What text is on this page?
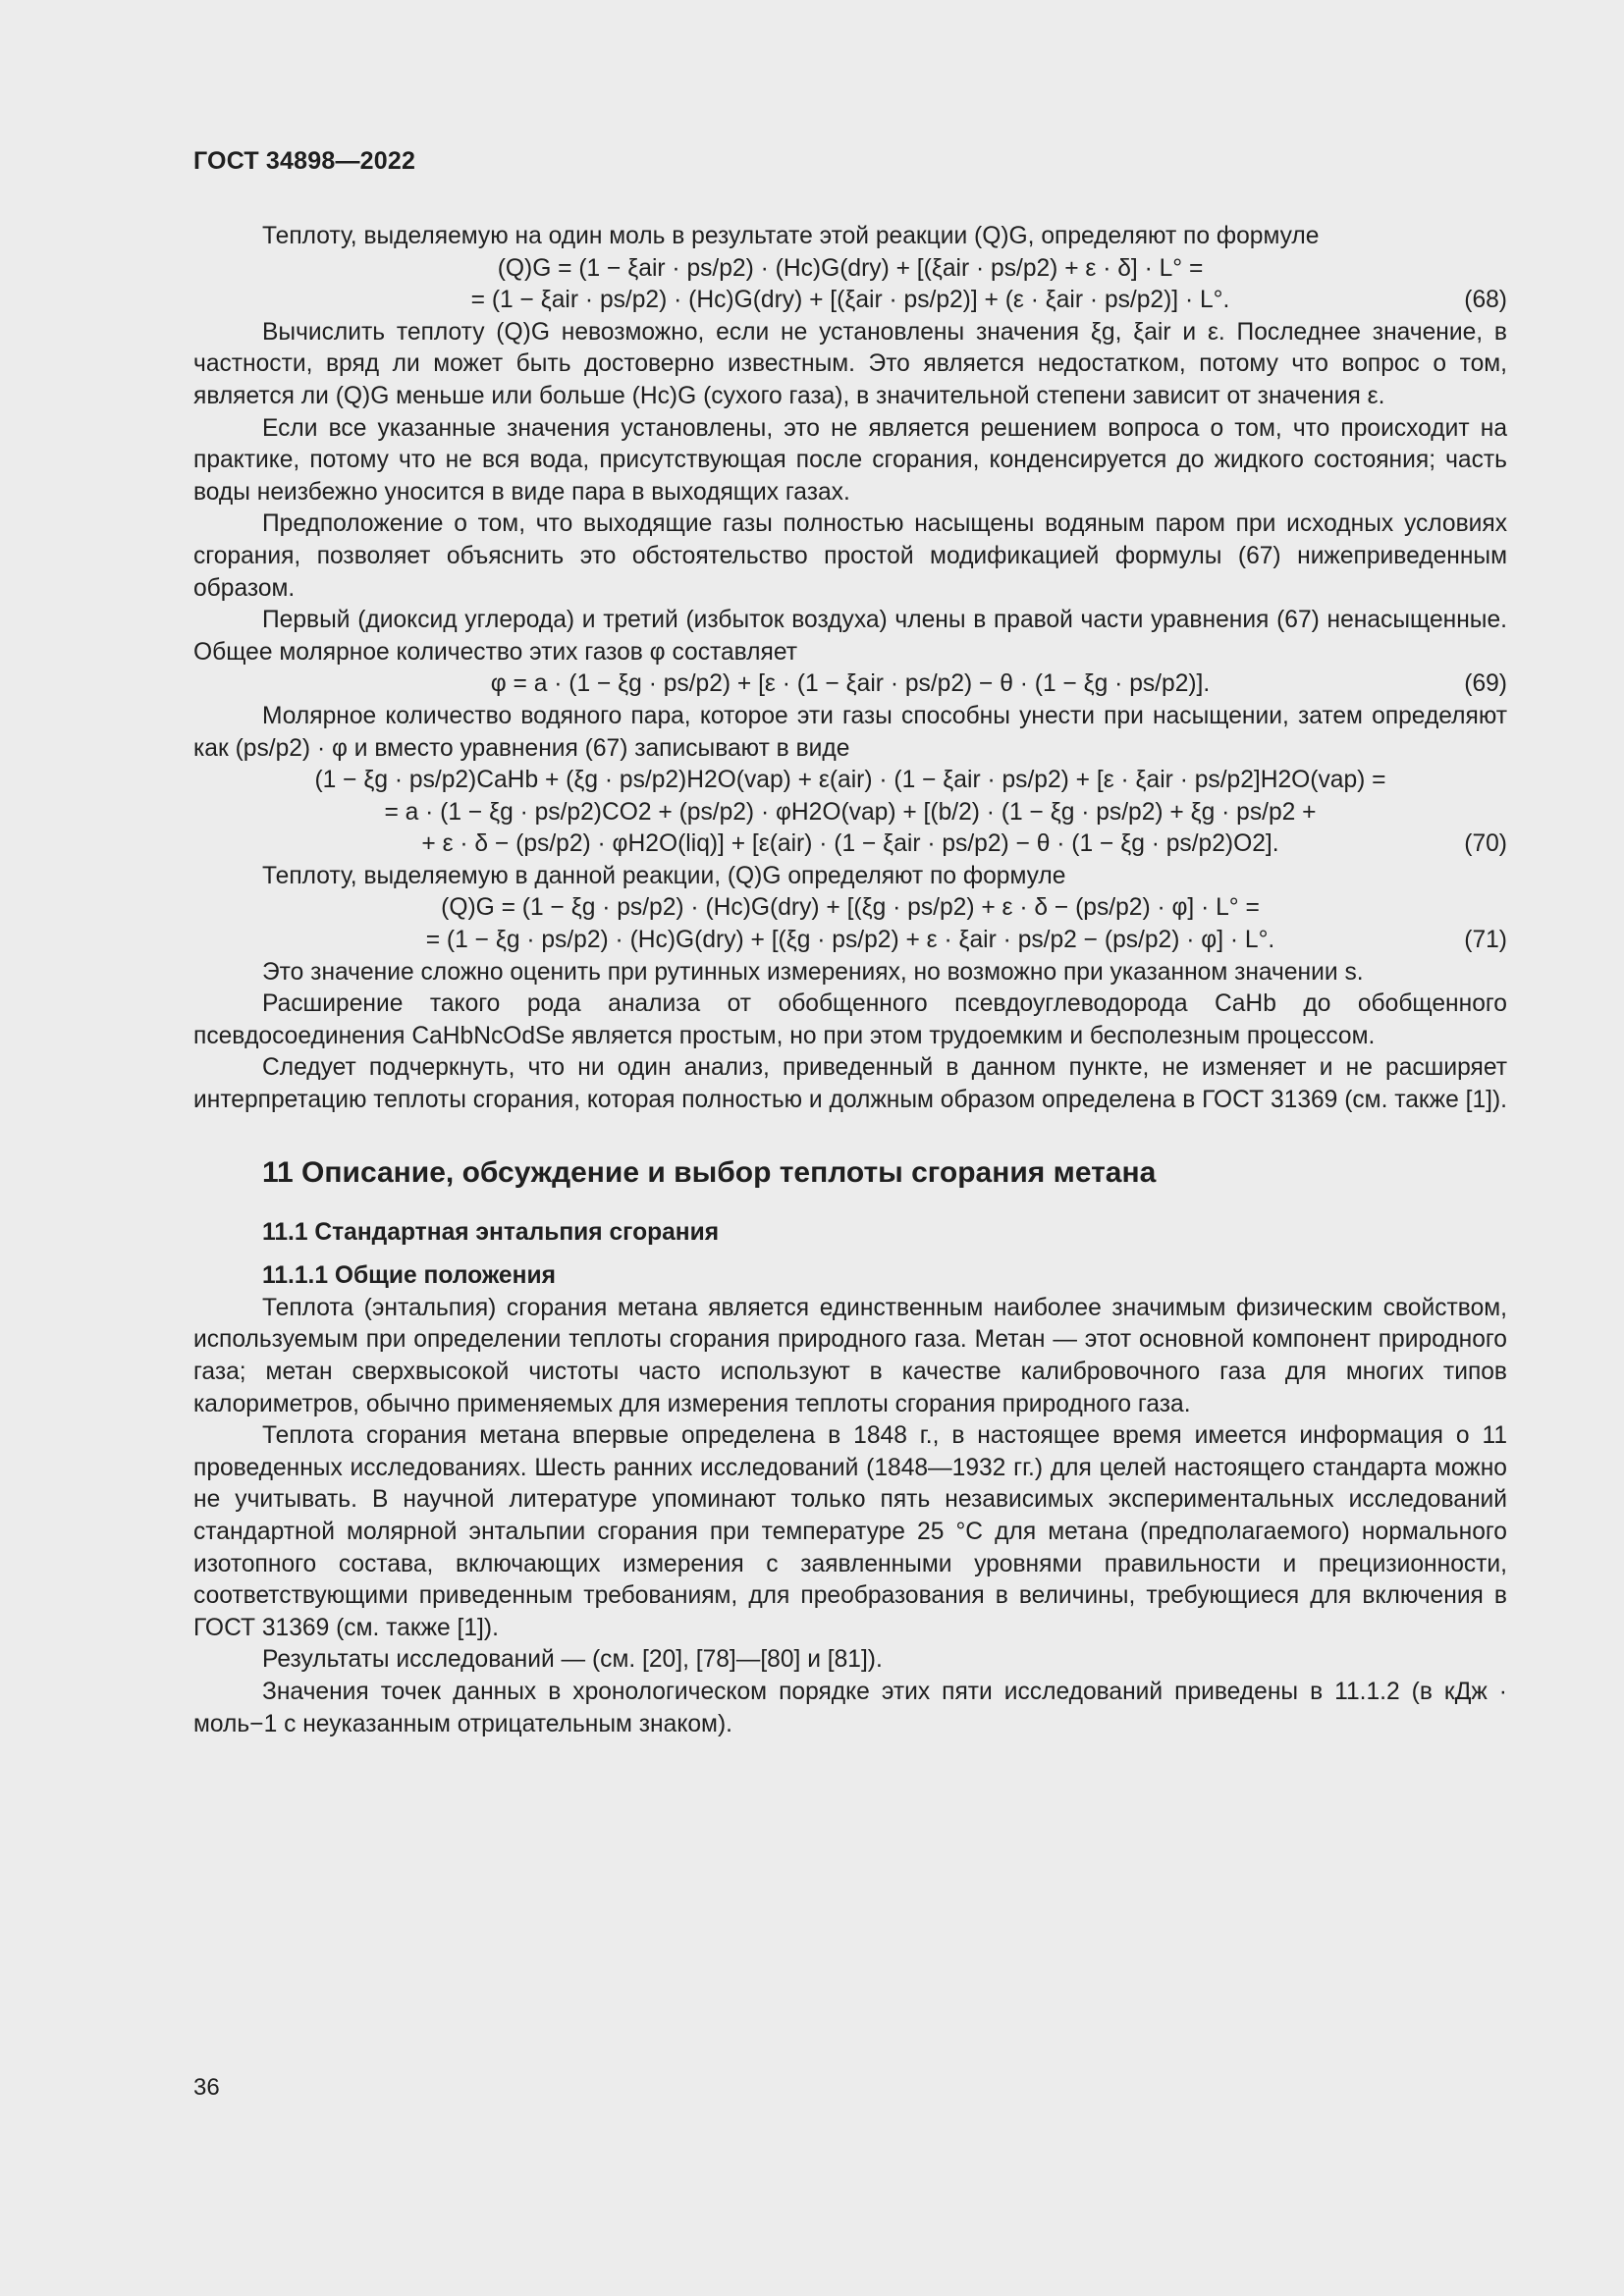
ГОСТ 34898—2022

Теплоту, выделяемую на один моль в результате этой реакции (Q)G, определяют по формуле

(Q)G = (1 − ξair · ps/p2) · (Hc)G(dry) + [(ξair · ps/p2) + ε · δ] · L° =
= (1 − ξair · ps/p2) · (Hc)G(dry) + [(ξair · ps/p2)] + (ε · ξair · ps/p2)] · L°.	(68)

Вычислить теплоту (Q)G невозможно, если не установлены значения ξg, ξair и ε. Последнее значение, в частности, вряд ли может быть достоверно известным. Это является недостатком, потому что вопрос о том, является ли (Q)G меньше или больше (Hc)G (сухого газа), в значительной степени зависит от значения ε.

Если все указанные значения установлены, это не является решением вопроса о том, что происходит на практике, потому что не вся вода, присутствующая после сгорания, конденсируется до жидкого состояния; часть воды неизбежно уносится в виде пара в выходящих газах.

Предположение о том, что выходящие газы полностью насыщены водяным паром при исходных условиях сгорания, позволяет объяснить это обстоятельство простой модификацией формулы (67) нижеприведенным образом.

Первый (диоксид углерода) и третий (избыток воздуха) члены в правой части уравнения (67) ненасыщенные. Общее молярное количество этих газов φ составляет

φ = a · (1 − ξg · ps/p2) + [ε · (1 − ξair · ps/p2) − θ · (1 − ξg · ps/p2)].	(69)

Молярное количество водяного пара, которое эти газы способны унести при насыщении, затем определяют как (ps/p2) · φ и вместо уравнения (67) записывают в виде

(1 − ξg · ps/p2)CaHb + (ξg · ps/p2)H2O(vap) + ε(air) · (1 − ξair · ps/p2) + [ε · ξair · ps/p2]H2O(vap) =
= a · (1 − ξg · ps/p2)CO2 + (ps/p2) · φH2O(vap) + [(b/2) · (1 − ξg · ps/p2) + ξg · ps/p2 +
+ ε · δ − (ps/p2) · φH2O(liq)] + [ε(air) · (1 − ξair · ps/p2) − θ · (1 − ξg · ps/p2)O2].	(70)

Теплоту, выделяемую в данной реакции, (Q)G определяют по формуле

(Q)G = (1 − ξg · ps/p2) · (Hc)G(dry) + [(ξg · ps/p2) + ε · δ − (ps/p2) · φ] · L° =
= (1 − ξg · ps/p2) · (Hc)G(dry) + [(ξg · ps/p2) + ε · ξair · ps/p2 − (ps/p2) · φ] · L°.	(71)

Это значение сложно оценить при рутинных измерениях, но возможно при указанном значении s.

Расширение такого рода анализа от обобщенного псевдоуглеводорода CaHb до обобщенного псевдосоединения CaHbNcOdSe является простым, но при этом трудоемким и бесполезным процессом.

Следует подчеркнуть, что ни один анализ, приведенный в данном пункте, не изменяет и не расширяет интерпретацию теплоты сгорания, которая полностью и должным образом определена в ГОСТ 31369 (см. также [1]).

11 Описание, обсуждение и выбор теплоты сгорания метана
11.1 Стандартная энтальпия сгорания
11.1.1 Общие положения

Теплота (энтальпия) сгорания метана является единственным наиболее значимым физическим свойством, используемым при определении теплоты сгорания природного газа. Метан — этот основной компонент природного газа; метан сверхвысокой чистоты часто используют в качестве калибровочного газа для многих типов калориметров, обычно применяемых для измерения теплоты сгорания природного газа.

Теплота сгорания метана впервые определена в 1848 г., в настоящее время имеется информация о 11 проведенных исследованиях. Шесть ранних исследований (1848—1932 гг.) для целей настоящего стандарта можно не учитывать. В научной литературе упоминают только пять независимых экспериментальных исследований стандартной молярной энтальпии сгорания при температуре 25 °С для метана (предполагаемого) нормального изотопного состава, включающих измерения с заявленными уровнями правильности и прецизионности, соответствующими приведенным требованиям, для преобразования в величины, требующиеся для включения в ГОСТ 31369 (см. также [1]).

Результаты исследований — (см. [20], [78]—[80] и [81]).

Значения точек данных в хронологическом порядке этих пяти исследований приведены в 11.1.2 (в кДж · моль−1 с неуказанным отрицательным знаком).

36
